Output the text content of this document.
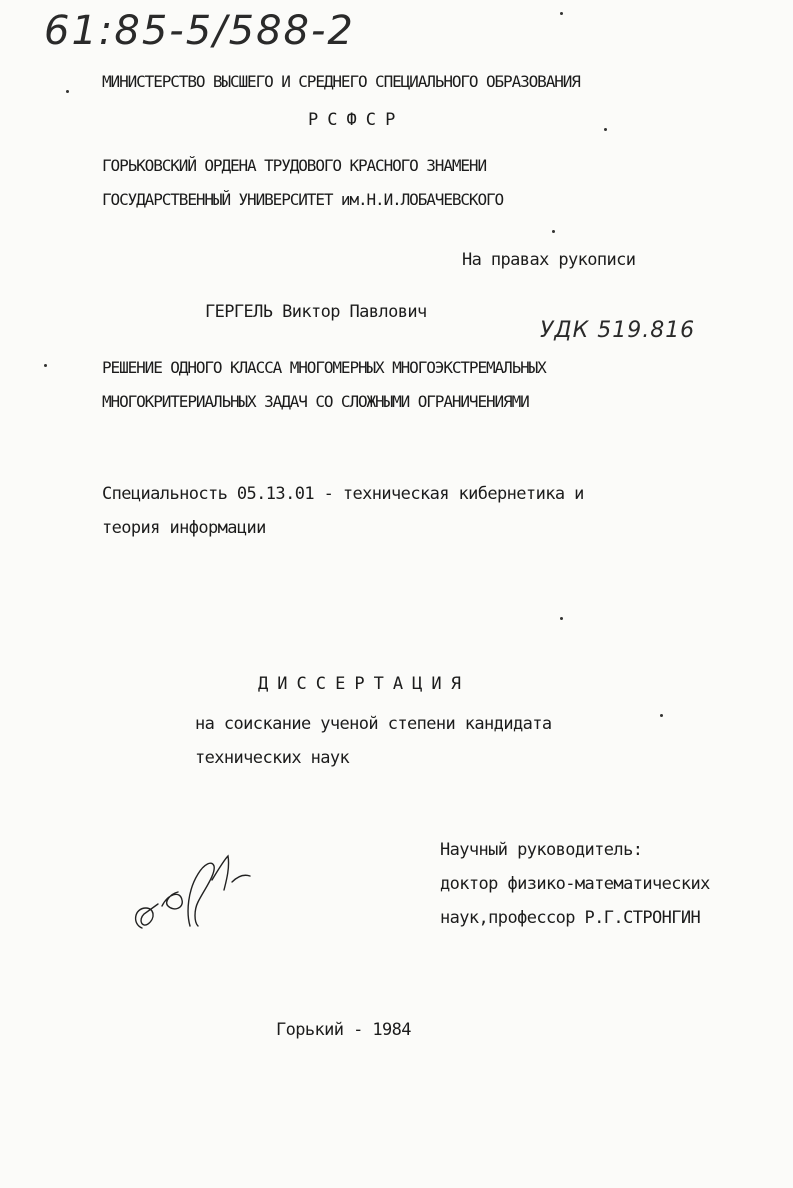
61:85-5/588-2
МИНИСТЕРСТВО ВЫСШЕГО И СРЕДНЕГО СПЕЦИАЛЬНОГО ОБРАЗОВАНИЯ
Р С Ф С Р
ГОРЬКОВСКИЙ ОРДЕНА ТРУДОВОГО КРАСНОГО ЗНАМЕНИ
ГОСУДАРСТВЕННЫЙ УНИВЕРСИТЕТ им.Н.И.ЛОБАЧЕВСКОГО
На правах рукописи
ГЕРГЕЛЬ Виктор Павлович
УДК 519.816
РЕШЕНИЕ ОДНОГО КЛАССА МНОГОМЕРНЫХ МНОГОЭКСТРЕМАЛЬНЫХ
МНОГОКРИТЕРИАЛЬНЫХ ЗАДАЧ СО СЛОЖНЫМИ ОГРАНИЧЕНИЯМИ
Специальность 05.13.01 - техническая кибернетика и
теория информации
Д И С С Е Р Т А Ц И Я
на соискание ученой степени кандидата
технических наук
Научный руководитель:
доктор физико-математических
наук,профессор Р.Г.СТРОНГИН
Горький - 1984
